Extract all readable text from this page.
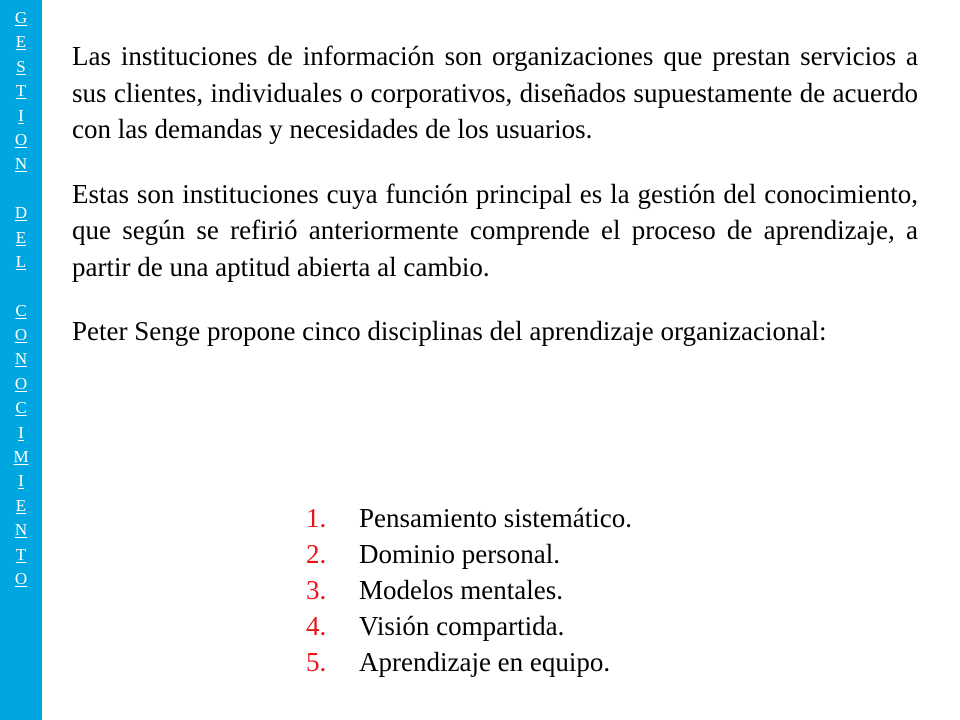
G
E
S
T
I
O
N
D
E
L
C
O
N
O
C
I
M
I
E
N
T
O

Las instituciones de información son organizaciones que prestan servicios a sus clientes, individuales o corporativos, diseñados supuestamente de acuerdo con las demandas y necesidades de los usuarios.

Estas son instituciones cuya función principal es la gestión del conocimiento, que según se refirió anteriormente comprende el proceso de aprendizaje, a partir de una aptitud abierta al cambio.

Peter Senge propone cinco disciplinas del aprendizaje organizacional:

1. Pensamiento sistemático.
2. Dominio personal.
3. Modelos mentales.
4. Visión compartida.
5. Aprendizaje en equipo.
